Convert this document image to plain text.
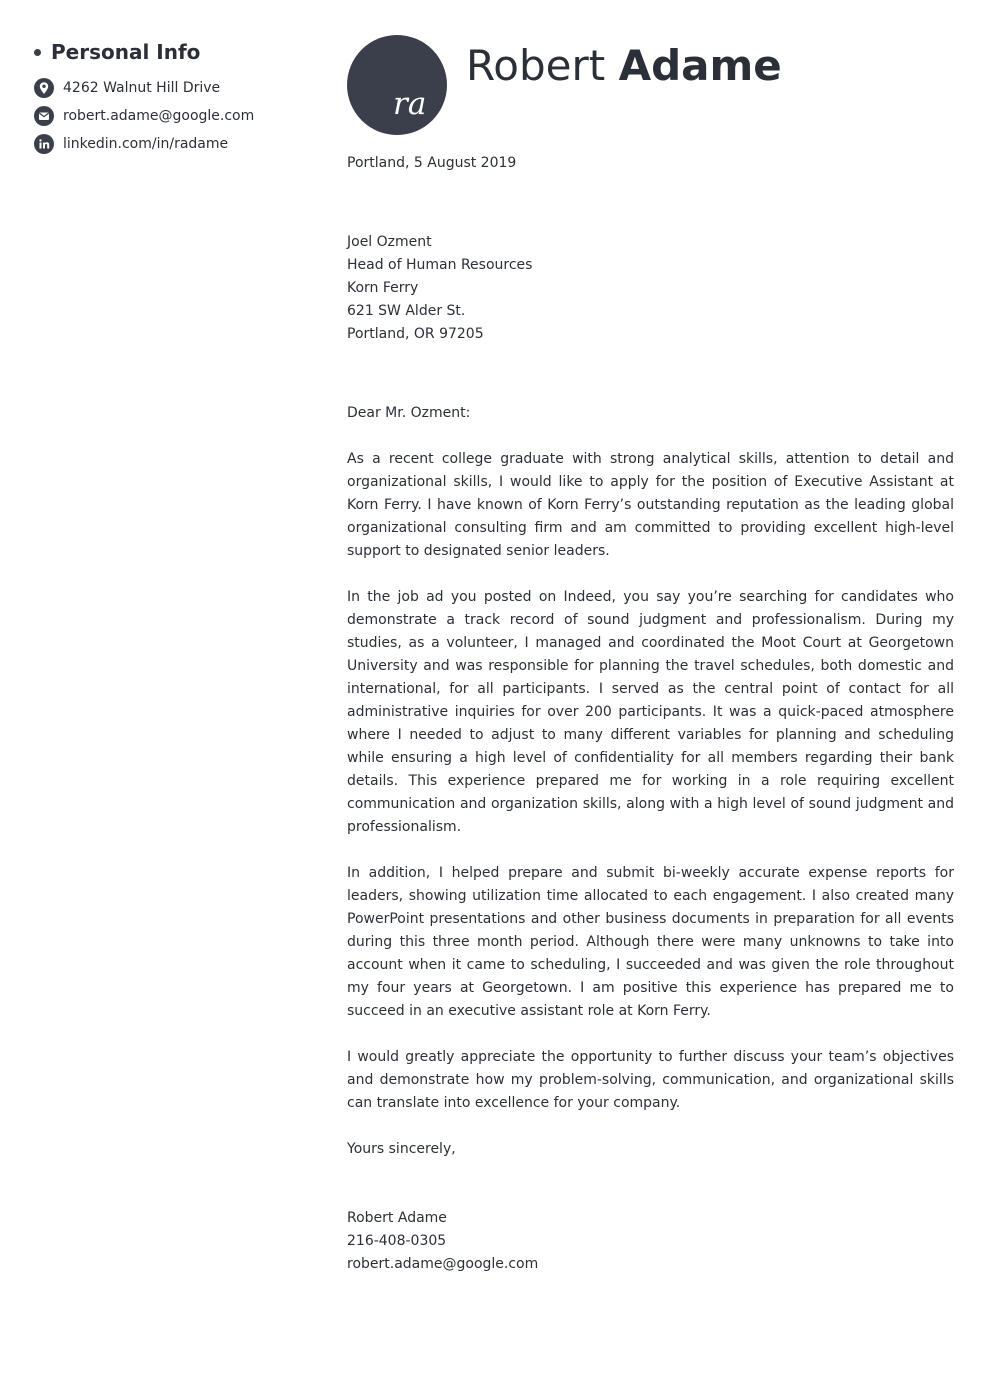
Personal Info
4262 Walnut Hill Drive
robert.adame@google.com
linkedin.com/in/radame
ra
Robert Adame
Portland, 5 August 2019
Joel Ozment
Head of Human Resources
Korn Ferry
621 SW Alder St.
Portland, OR 97205
Dear Mr. Ozment:

As a recent college graduate with strong analytical skills, attention to detail and organizational skills, I would like to apply for the position of Executive Assistant at Korn Ferry. I have known of Korn Ferry’s outstanding reputation as the leading global organizational consulting firm and am committed to providing excellent high-level support to designated senior leaders.

In the job ad you posted on Indeed, you say you’re searching for candidates who demonstrate a track record of sound judgment and professionalism. During my studies, as a volunteer, I managed and coordinated the Moot Court at Georgetown University and was responsible for planning the travel schedules, both domestic and international, for all participants. I served as the central point of contact for all administrative inquiries for over 200 participants. It was a quick-paced atmosphere where I needed to adjust to many different variables for planning and scheduling while ensuring a high level of confidentiality for all members regarding their bank details. This experience prepared me for working in a role requiring excellent communication and organization skills, along with a high level of sound judgment and professionalism.

In addition, I helped prepare and submit bi-weekly accurate expense reports for leaders, showing utilization time allocated to each engagement. I also created many PowerPoint presentations and other business documents in preparation for all events during this three month period. Although there were many unknowns to take into account when it came to scheduling, I succeeded and was given the role throughout my four years at Georgetown. I am positive this experience has prepared me to succeed in an executive assistant role at Korn Ferry.

I would greatly appreciate the opportunity to further discuss your team’s objectives and demonstrate how my problem-solving, communication, and organizational skills can translate into excellence for your company.

Yours sincerely,
Robert Adame
216-408-0305
robert.adame@google.com
